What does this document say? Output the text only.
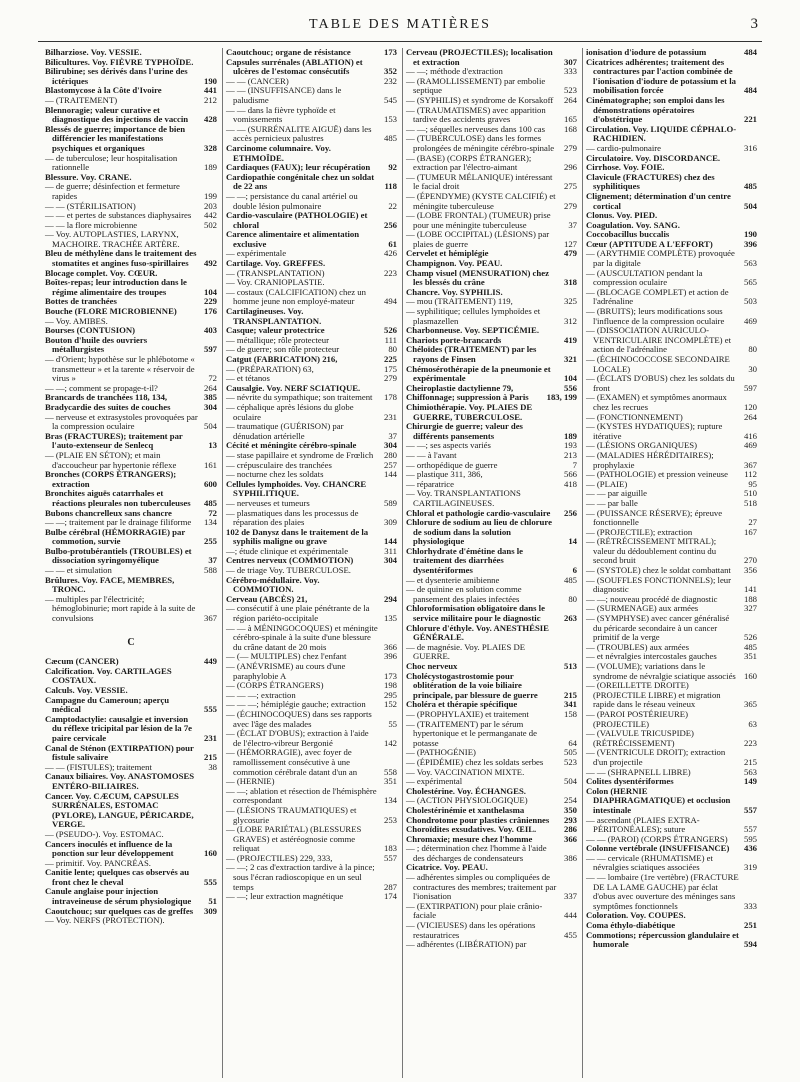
TABLE DES MATIÈRES	3

Bilharziose. Voy. VESSIE.

Bilicultures. Voy. FIÈVRE TYPHOÏDE.

Bilirubine; ses dérivés dans l'urine des ictériques	190

Blastomycose à la Côte d'Ivoire	441

— (TRAITEMENT)	212

Blennoragie; valeur curative et diagnostique des injections de vaccin 428

Blessés de guerre; importance de bien différencier les manifestations psychiques et organiques	328

— de tuberculose; leur hospitalisation rationnelle	189

Blessure. Voy. CRANE.

— de guerre; désinfection et fermeture rapides	199

— — (STÉRILISATION)	203

— — et pertes de substances diaphysaires 442

— — la flore microbienne	502

— Voy. AUTOPLASTIES, LARYNX, MACHOIRE. TRACHÉE ARTÈRE.

Bleu de méthylène dans le traitement des stomatites et angines fuso-spirillaires 492

Blocage complet. Voy. CŒUR.

Boîtes-repas; leur introduction dans le régime alimentaire des troupes	104

Bottes de tranchées	229

Bouche (FLORE MICROBIENNE)	176

— Voy. AMIBES.

Bourses (CONTUSION)	403

Bouton d'huile des ouvriers métallurgistes	597

— d'Orient; hypothèse sur le phlébotome « transmetteur » et la tarente « réservoir de virus »	72

— —; comment se propage-t-il?	264

Brancards de tranchées 118, 134,	385

Bradycardie des suites de couches	304

— nerveuse et extrasystoles provoquées par la compression oculaire	504

Bras (FRACTURES); traitement par l'auto-extenseur de Senlecq	13

— (PLAIE EN SÉTON); et main d'accoucheur par hypertonie réflexe	161

Bronches (CORPS ÉTRANGERS); extraction	600

Bronchites aiguës catarrhales et réactions pleurales non tuberculeuses 485

Bubons chancrelleux sans chancre	72

— —; traitement par le drainage filiforme 134

Bulbe cérébral (HÉMORRAGIE) par commotion, survie	255

Bulbo-protubérantiels (TROUBLES) et dissociation syringomyélique	37

— — et simulation	588

Brûlures. Voy. FACE, MEMBRES, TRONC.

— multiples par l'électricité; hémoglobinurie; mort rapide à la suite de convulsions	367

C

Cæcum (CANCER)	449

Calcification. Voy. CARTILAGES COSTAUX.

Calculs. Voy. VESSIE.

Campagne du Cameroun; aperçu médical	555

Camptodactylie: causalgie et inversion du réflexe tricipital par lésion de la 7e paire cervicale	231

Canal de Sténon (EXTIRPATION) pour fistule salivaire	215

— — (FISTULES); traitement	38

Canaux biliaires. Voy. ANASTOMOSES ENTÉRO-BILIAIRES.

Cancer. Voy. CÆCUM, CAPSULES SURRÉNALES, ESTOMAC (PYLORE), LANGUE, PÉRICARDE, VERGE.

— (PSEUDO-). Voy. ESTOMAC.

Cancers inoculés et influence de la ponction sur leur développement	160

— primitif. Voy. PANCRÉAS.

Canitie lente; quelques cas observés au front chez le cheval	555

Canule anglaise pour injection intraveineuse de sérum physiologique 51

Caoutchouc; sur quelques cas de greffes 309

— Voy. NERFS (PROTECTION).

Caoutchouc; organe de résistance	173

Capsules surrénales (ABLATION) et ulcères de l'estomac consécutifs	352

— — (CANCER)	232

— — (INSUFFISANCE) dans le paludisme	545

— — dans la fièvre typhoïde et vomissements	153

— — (SURRÉNALITE AIGUË) dans les accès pernicieux palustres	485

Carcinome columnaire. Voy. ETHMOÏDE.

Cardiaques (FAUX); leur récupération 92

Cardiopathie congénitale chez un soldat de 22 ans	118

— —; persistance du canal artériel ou double lésion pulmonaire	22

Cardio-vasculaire (PATHOLOGIE) et chloral	256

Carence alimentaire et alimentation exclusive	61

— expérimentale	426

Cartilage. Voy. GREFFES.

— (TRANSPLANTATION)	223

— Voy. CRANIOPLASTIE.

— costaux (CALCIFICATION) chez un homme jeune non employé-mateur	494

Cartilagineuses. Voy. TRANSPLANTATION.

Casque; valeur protectrice	526

— métallique; rôle protecteur	111

— de guerre; son rôle protecteur	80

Catgut (FABRICATION) 216,	225

— (PRÉPARATION) 63,	175

— et tétanos	279

Causalgie. Voy. NERF SCIATIQUE.

— névrite du sympathique; son traitement 178

— céphalique après lésions du globe oculaire	231

— traumatique (GUÉRISON) par dénudation artérielle	37

Cécité et méningite cérébro-spinale	304

— stase papillaire et syndrome de Frœlich 280

— crépusculaire des tranchées	257

— nocturne chez les soldats	144

Cellules lymphoïdes. Voy. CHANCRE SYPHILITIQUE.

— nerveuses et tumeurs	589

— plasmatiques dans les processus de réparation des plaies	309

102 de Danysz dans le traitement de la syphilis maligne ou grave	144

—; étude clinique et expérimentale	311

Centres nerveux (COMMOTION)	304

— de triage Voy. TUBERCULOSE.

Cérébro-médullaire. Voy. COMMOTION.

Cerveau (ABCÈS) 21,	294

— consécutif à une plaie pénétrante de la région pariéto-occipitale	135

— — à MÉNINGOCOQUES) et méningite cérébro-spinale à la suite d'une blessure du crâne datant de 20 mois	366

— (— MULTIPLES) chez l'enfant	396

— (ANÉVRISME) au cours d'une paraphylobie A	173

— (CORPS ÉTRANGERS)	198

— — —; extraction	295

— — —; hémiplégie gauche; extraction 152

— (ÉCHINOCOQUES) dans ses rapports avec l'âge des malades	55

— (ÉCLAT D'OBUS); extraction à l'aide de l'électro-vibreur Bergonié	142

— (HÉMORRAGIE), avec foyer de ramollissement consécutive à une commotion cérébrale datant d'un an	558

— (HERNIE)	351

— —; ablation et résection de l'hémisphère correspondant	134

— (LÉSIONS TRAUMATIQUES) et glycosurie	253

— (LOBE PARIÉTAL) (BLESSURES GRAVES) et astéréognosie comme reliquat	183

— (PROJECTILES) 229, 333,	557

— —; 2 cas d'extraction tardive à la pince; sous l'écran radioscopique en un seul temps	287

— —; leur extraction magnétique	174

Cerveau (PROJECTILES); localisation et extraction	307

— —; méthode d'extraction	333

— (RAMOLLISSEMENT) par embolie septique	523

— (SYPHILIS) et syndrome de Korsakoff 264

— (TRAUMATISMES) avec apparition tardive des accidents graves	165

— —; séquelles nerveuses dans 100 cas 168

— (TUBERCULOSE) dans les formes prolongées de méningite cérébro-spinale 279

— (BASE) (CORPS ÉTRANGER); extraction par l'électro-aimant	296

— (TUMEUR MÉLANIQUE) intéressant le facial droit	275

— (ÉPENDYME) (KYSTE CALCIFIÉ) et méningite tuberculeuse	279

— (LOBE FRONTAL) (TUMEUR) prise pour une méningite tuberculeuse	37

— (LOBE OCCIPITAL) (LÉSIONS) par plaies de guerre	127

Cervelet et hémiplégie	479

Champignon. Voy. PEAU.

Champ visuel (MENSURATION) chez les blessés du crâne	318

Chancre. Voy. SYPHILIS.

— mou (TRAITEMENT) 119,	325

— syphilitique; cellules lymphoïdes et plasmazellen	312

Charbonneuse. Voy. SEPTICÉMIE.

Chariots porte-brancards	419

Chéloïdes (TRAITEMENT) par les rayons de Finsen	321

Chémosérothérapie de la pneumonie et expérimentale	104

Cheiroplastie dactylienne 79,	556

Chiffonnage; suppression à Paris 183, 199

Chimiothérapie. Voy. PLAIES DE GUERRE, TUBERCULOSE.

Chirurgie de guerre; valeur des différents pansements	189

— —; ses aspects variés	193

— — à l'avant	213

— orthopédique de guerre	7

— plastique 311, 386,	566

— réparatrice	418

— Voy. TRANSPLANTATIONS CARTILAGINEUSES.

Chloral et pathologie cardio-vasculaire 256

Chlorure de sodium au lieu de chlorure de sodium dans la solution physiologique	14

Chlorhydrate d'émétine dans le traitement des diarrhées dysentériformes	6

— et dysenterie amibienne	485

— de quinine en solution comme pansement des plaies infectées	80

Chloroformisation obligatoire dans le service militaire pour le diagnostic	263

Chlorure d'éthyle. Voy. ANESTHÉSIE GÉNÉRALE.

— de magnésie. Voy. PLAIES DE GUERRE.

Choc nerveux	513

Cholécystogastrostomie pour oblitération de la voie biliaire principale, par blessure de guerre	215

Choléra et thérapie spécifique	341

— (PROPHYLAXIE) et traitement	158

— (TRAITEMENT) par le sérum hypertonique et le permanganate de potasse	64

— (PATHOGÉNIE)	505

— (ÉPIDÉMIE) chez les soldats serbes 523

— Voy. VACCINATION MIXTE.

— expérimental	504

Cholestérine. Voy. ÉCHANGES.

— (ACTION PHYSIOLOGIQUE)	254

Cholestérinémie et xanthelasma	350

Chondrotome pour plasties crâniennes 293

Choroïdites exsudatives. Voy. ŒIL.	286

Chromaxie; mesure chez l'homme	366

— ; détermination chez l'homme à l'aide des décharges de condensateurs	386

Cicatrice. Voy. PEAU.

— adhérentes simples ou compliquées de contractures des membres; traitement par l'ionisation	337

— (EXTIRPATION) pour plaie crânio-faciale	444

— (VICIEUSES) dans les opérations restauratrices	455

— adhérentes (LIBÉRATION) par

ionisation d'iodure de potassium	484

Cicatrices adhérentes; traitement des contractures par l'action combinée de l'ionisation d'iodure de potassium et la mobilisation forcée	484

Cinématographe; son emploi dans les démonstrations opératoires d'obstétrique	221

Circulation. Voy. LIQUIDE CÉPHALO-RACHIDIEN.

— cardio-pulmonaire	316

Circulatoire. Voy. DISCORDANCE.

Cirrhose. Voy. FOIE.

Clavicule (FRACTURES) chez des syphilitiques	485

Clignement; détermination d'un centre cortical	504

Clonus. Voy. PIED.

Coagulation. Voy. SANG.

Coccobacillus buccalis	190

Cœur (APTITUDE A L'EFFORT)	396

— (ARYTHMIE COMPLÈTE) provoquée par la digitale	563

— (AUSCULTATION pendant la compression oculaire	565

— (BLOCAGE COMPLET) et action de l'adrénaline	503

— (BRUITS); leurs modifications sous l'influence de la compression oculaire 469

— (DISSOCIATION AURICULO-VENTRICULAIRE INCOMPLÈTE) et action de l'adrénaline	80

— (ÉCHINOCOCCOSE SECONDAIRE LOCALE)	30

— (ÉCLATS D'OBUS) chez les soldats du front	597

— (EXAMEN) et symptômes anormaux chez les recrues	120

— (FONCTIONNEMENT)	264

— (KYSTES HYDATIQUES); rupture itérative	416

— (LÉSIONS ORGANIQUES)	469

— (MALADIES HÉRÉDITAIRES); prophylaxie	367

— (PATHOLOGIE) et pression veineuse 112

— (PLAIE)	95

— — par aiguille	510

— — par balle	518

— (PUISSANCE RÉSERVE); épreuve fonctionnelle	27

— (PROJECTILE); extraction	167

— (RÉTRÉCISSEMENT MITRAL); valeur du dédoublement continu du second bruit	270

— (SYSTOLE) chez le soldat combattant 356

— (SOUFFLES FONCTIONNELS); leur diagnostic	141

— —; nouveau procédé de diagnostic	188

— (SURMENAGE) aux armées	327

— (SYMPHYSE) avec cancer généralisé du péricarde secondaire à un cancer primitif de la verge	526

— (TROUBLES) aux armées	485

— et névralgies intercostales gauches	351

— (VOLUME); variations dans le syndrome de névralgie sciatique associés 160

— (OREILLETTE DROITE) (PROJECTILE LIBRE) et migration rapide dans le réseau veineux	365

— (PAROI POSTÉRIEURE) (PROJECTILE)	63

— (VALVULE TRICUSPIDE) (RÉTRÉCISSEMENT)	223

— (VENTRICULE DROIT); extraction d'un projectile	215

— — (SHRAPNELL LIBRE)	563

Colites dysentériformes	149

Colon (HERNIE DIAPHRAGMATIQUE) et occlusion intestinale	557

— ascendant (PLAIES EXTRA-PÉRITONÉALES); suture	557

— — (PAROI) (CORPS ÉTRANGERS) 595

Colonne vertébrale (INSUFFISANCE) 436

— — cervicale (RHUMATISME) et névralgies sciatiques associées	319

— — lombaire (1re vertèbre) (FRACTURE DE LA LAME GAUCHE) par éclat d'obus avec ouverture des méninges sans symptômes fonctionnels	333

Coloration. Voy. COUPES.

Coma éthylo-diabétique	251

Commotions; répercussion glandulaire et humorale	594
